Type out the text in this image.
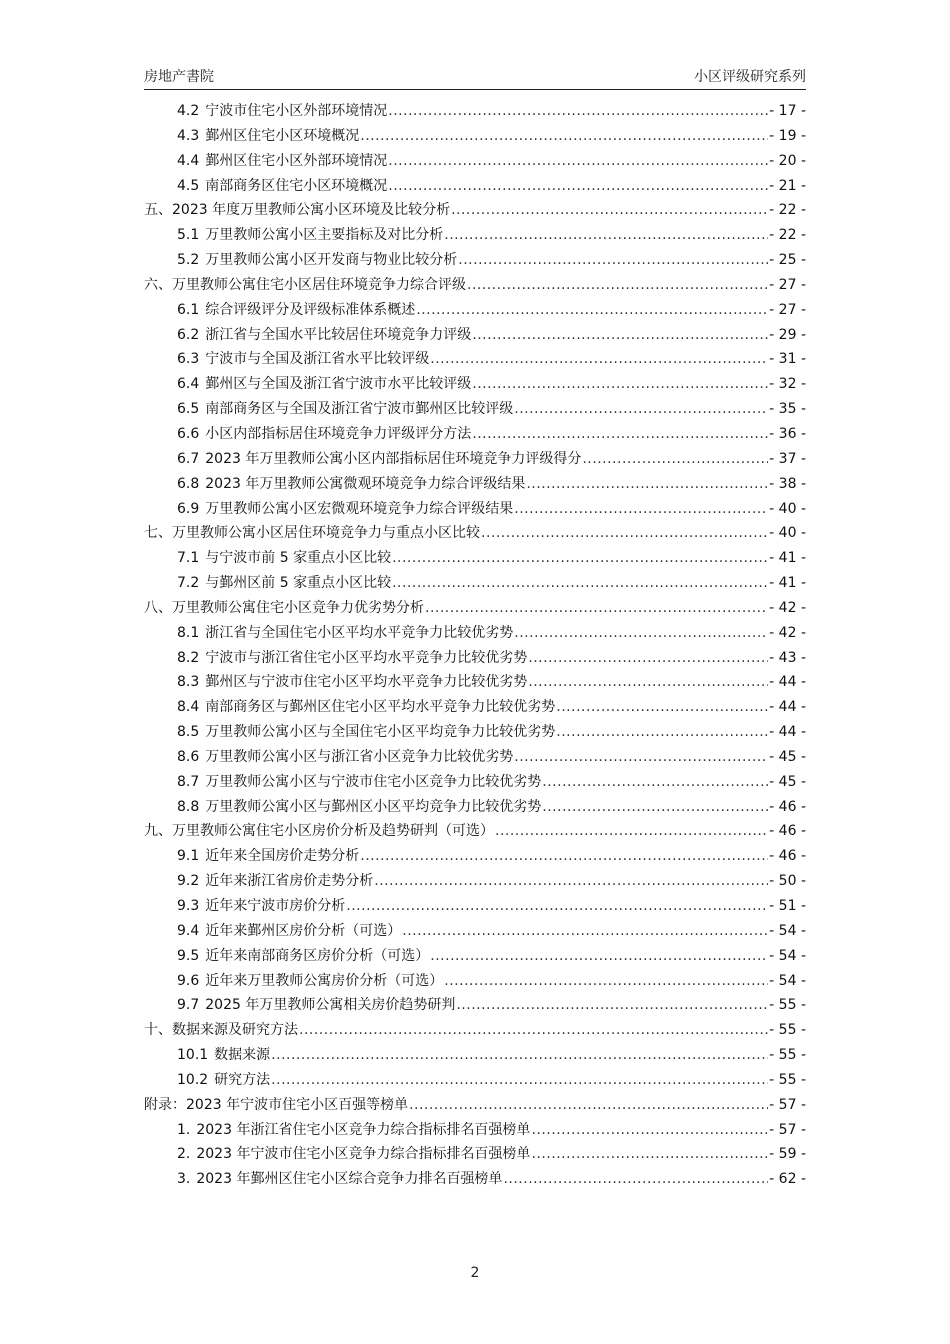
房地产書院	小区评级研究系列
4.2 宁波市住宅小区外部环境情况 .....	- 17 -
4.3 鄞州区住宅小区环境概况 .....	- 19 -
4.4 鄞州区住宅小区外部环境情况 .....	- 20 -
4.5 南部商务区住宅小区环境概况 .....	- 21 -
五、2023 年度万里教师公寓小区环境及比较分析 .....	- 22 -
5.1 万里教师公寓小区主要指标及对比分析 .....	- 22 -
5.2 万里教师公寓小区开发商与物业比较分析 .....	- 25 -
六、万里教师公寓住宅小区居住环境竞争力综合评级 .....	- 27 -
6.1 综合评级评分及评级标准体系概述 .....	- 27 -
6.2 浙江省与全国水平比较居住环境竞争力评级 .....	- 29 -
6.3 宁波市与全国及浙江省水平比较评级 .....	- 31 -
6.4 鄞州区与全国及浙江省宁波市水平比较评级 .....	- 32 -
6.5 南部商务区与全国及浙江省宁波市鄞州区比较评级 .....	- 35 -
6.6 小区内部指标居住环境竞争力评级评分方法 .....	- 36 -
6.7 2023 年万里教师公寓小区内部指标居住环境竞争力评级得分 .....	- 37 -
6.8 2023 年万里教师公寓微观环境竞争力综合评级结果 .....	- 38 -
6.9 万里教师公寓小区宏微观环境竞争力综合评级结果 .....	- 40 -
七、万里教师公寓小区居住环境竞争力与重点小区比较 .....	- 40 -
7.1 与宁波市前 5 家重点小区比较 .....	- 41 -
7.2 与鄞州区前 5 家重点小区比较 .....	- 41 -
八、万里教师公寓住宅小区竞争力优劣势分析 .....	- 42 -
8.1 浙江省与全国住宅小区平均水平竞争力比较优劣势 .....	- 42 -
8.2 宁波市与浙江省住宅小区平均水平竞争力比较优劣势 .....	- 43 -
8.3 鄞州区与宁波市住宅小区平均水平竞争力比较优劣势 .....	- 44 -
8.4 南部商务区与鄞州区住宅小区平均水平竞争力比较优劣势 .....	- 44 -
8.5 万里教师公寓小区与全国住宅小区平均竞争力比较优劣势 .....	- 44 -
8.6 万里教师公寓小区与浙江省小区竞争力比较优劣势 .....	- 45 -
8.7 万里教师公寓小区与宁波市住宅小区竞争力比较优劣势 .....	- 45 -
8.8 万里教师公寓小区与鄞州区小区平均竞争力比较优劣势 .....	- 46 -
九、万里教师公寓住宅小区房价分析及趋势研判（可选） .....	- 46 -
9.1 近年来全国房价走势分析 .....	- 46 -
9.2 近年来浙江省房价走势分析 .....	- 50 -
9.3 近年来宁波市房价分析 .....	- 51 -
9.4 近年来鄞州区房价分析（可选） .....	- 54 -
9.5 近年来南部商务区房价分析（可选） .....	- 54 -
9.6 近年来万里教师公寓房价分析（可选） .....	- 54 -
9.7 2025 年万里教师公寓相关房价趋势研判 .....	- 55 -
十、数据来源及研究方法 .....	- 55 -
10.1 数据来源 .....	- 55 -
10.2 研究方法 .....	- 55 -
附录：2023 年宁波市住宅小区百强等榜单 .....	- 57 -
1. 2023 年浙江省住宅小区竞争力综合指标排名百强榜单 .....	- 57 -
2. 2023 年宁波市住宅小区竞争力综合指标排名百强榜单 .....	- 59 -
3. 2023 年鄞州区住宅小区综合竞争力排名百强榜单 .....	- 62 -
2
